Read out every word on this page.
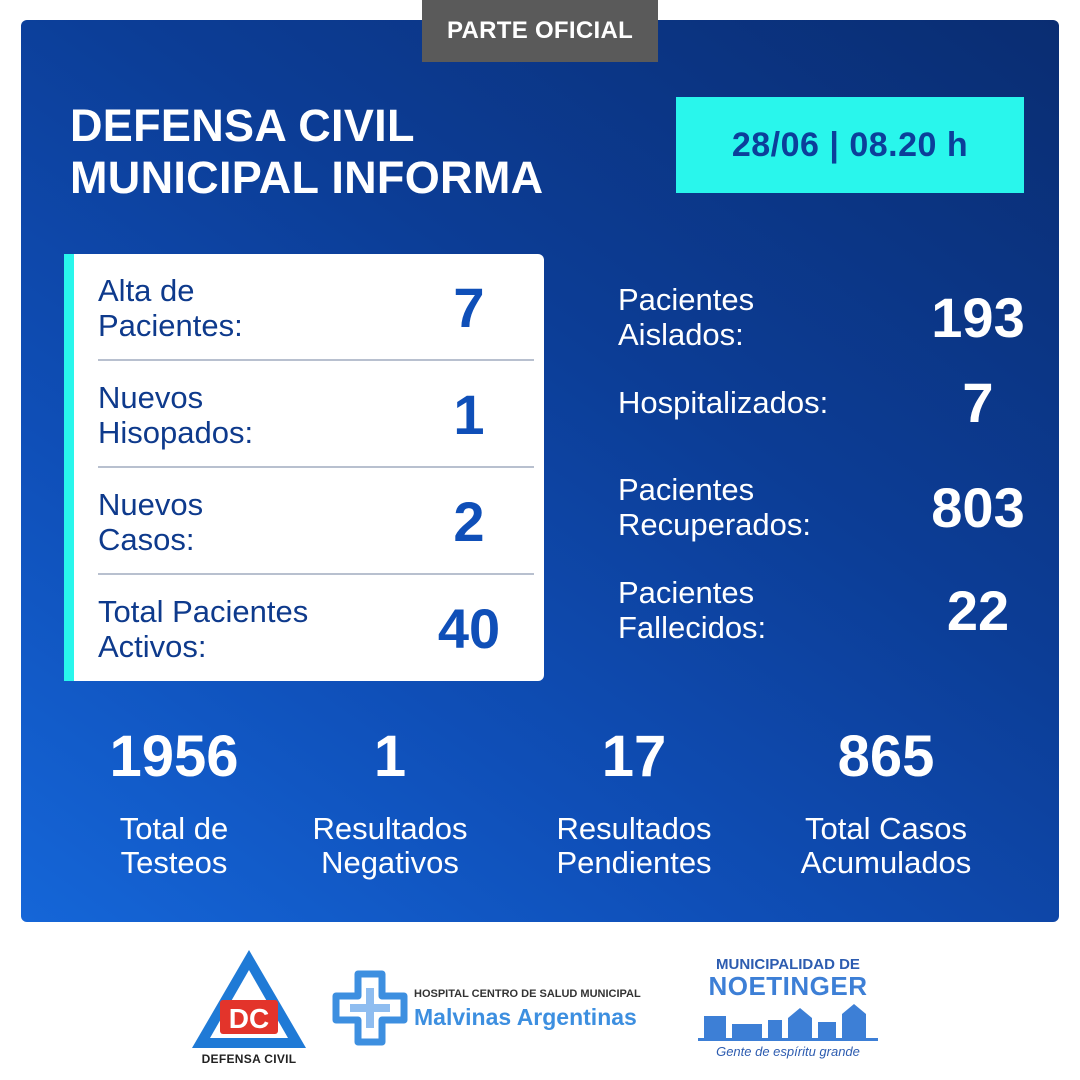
PARTE OFICIAL
DEFENSA CIVIL
MUNICIPAL INFORMA
28/06 | 08.20 h
Alta de
Pacientes:	7
Nuevos
Hisopados:	1
Nuevos
Casos:	2
Total Pacientes
Activos:	40
Pacientes
Aislados:	193
Hospitalizados:	7
Pacientes
Recuperados: 803
Pacientes
Fallecidos:	22
1956
Total de
Testeos
1
Resultados
Negativos
17
Resultados
Pendientes
865
Total Casos
Acumulados
DC
DEFENSA CIVIL
HOSPITAL CENTRO DE SALUD MUNICIPAL
Malvinas Argentinas
MUNICIPALIDAD DE
NOETINGER
Gente de espíritu grande
